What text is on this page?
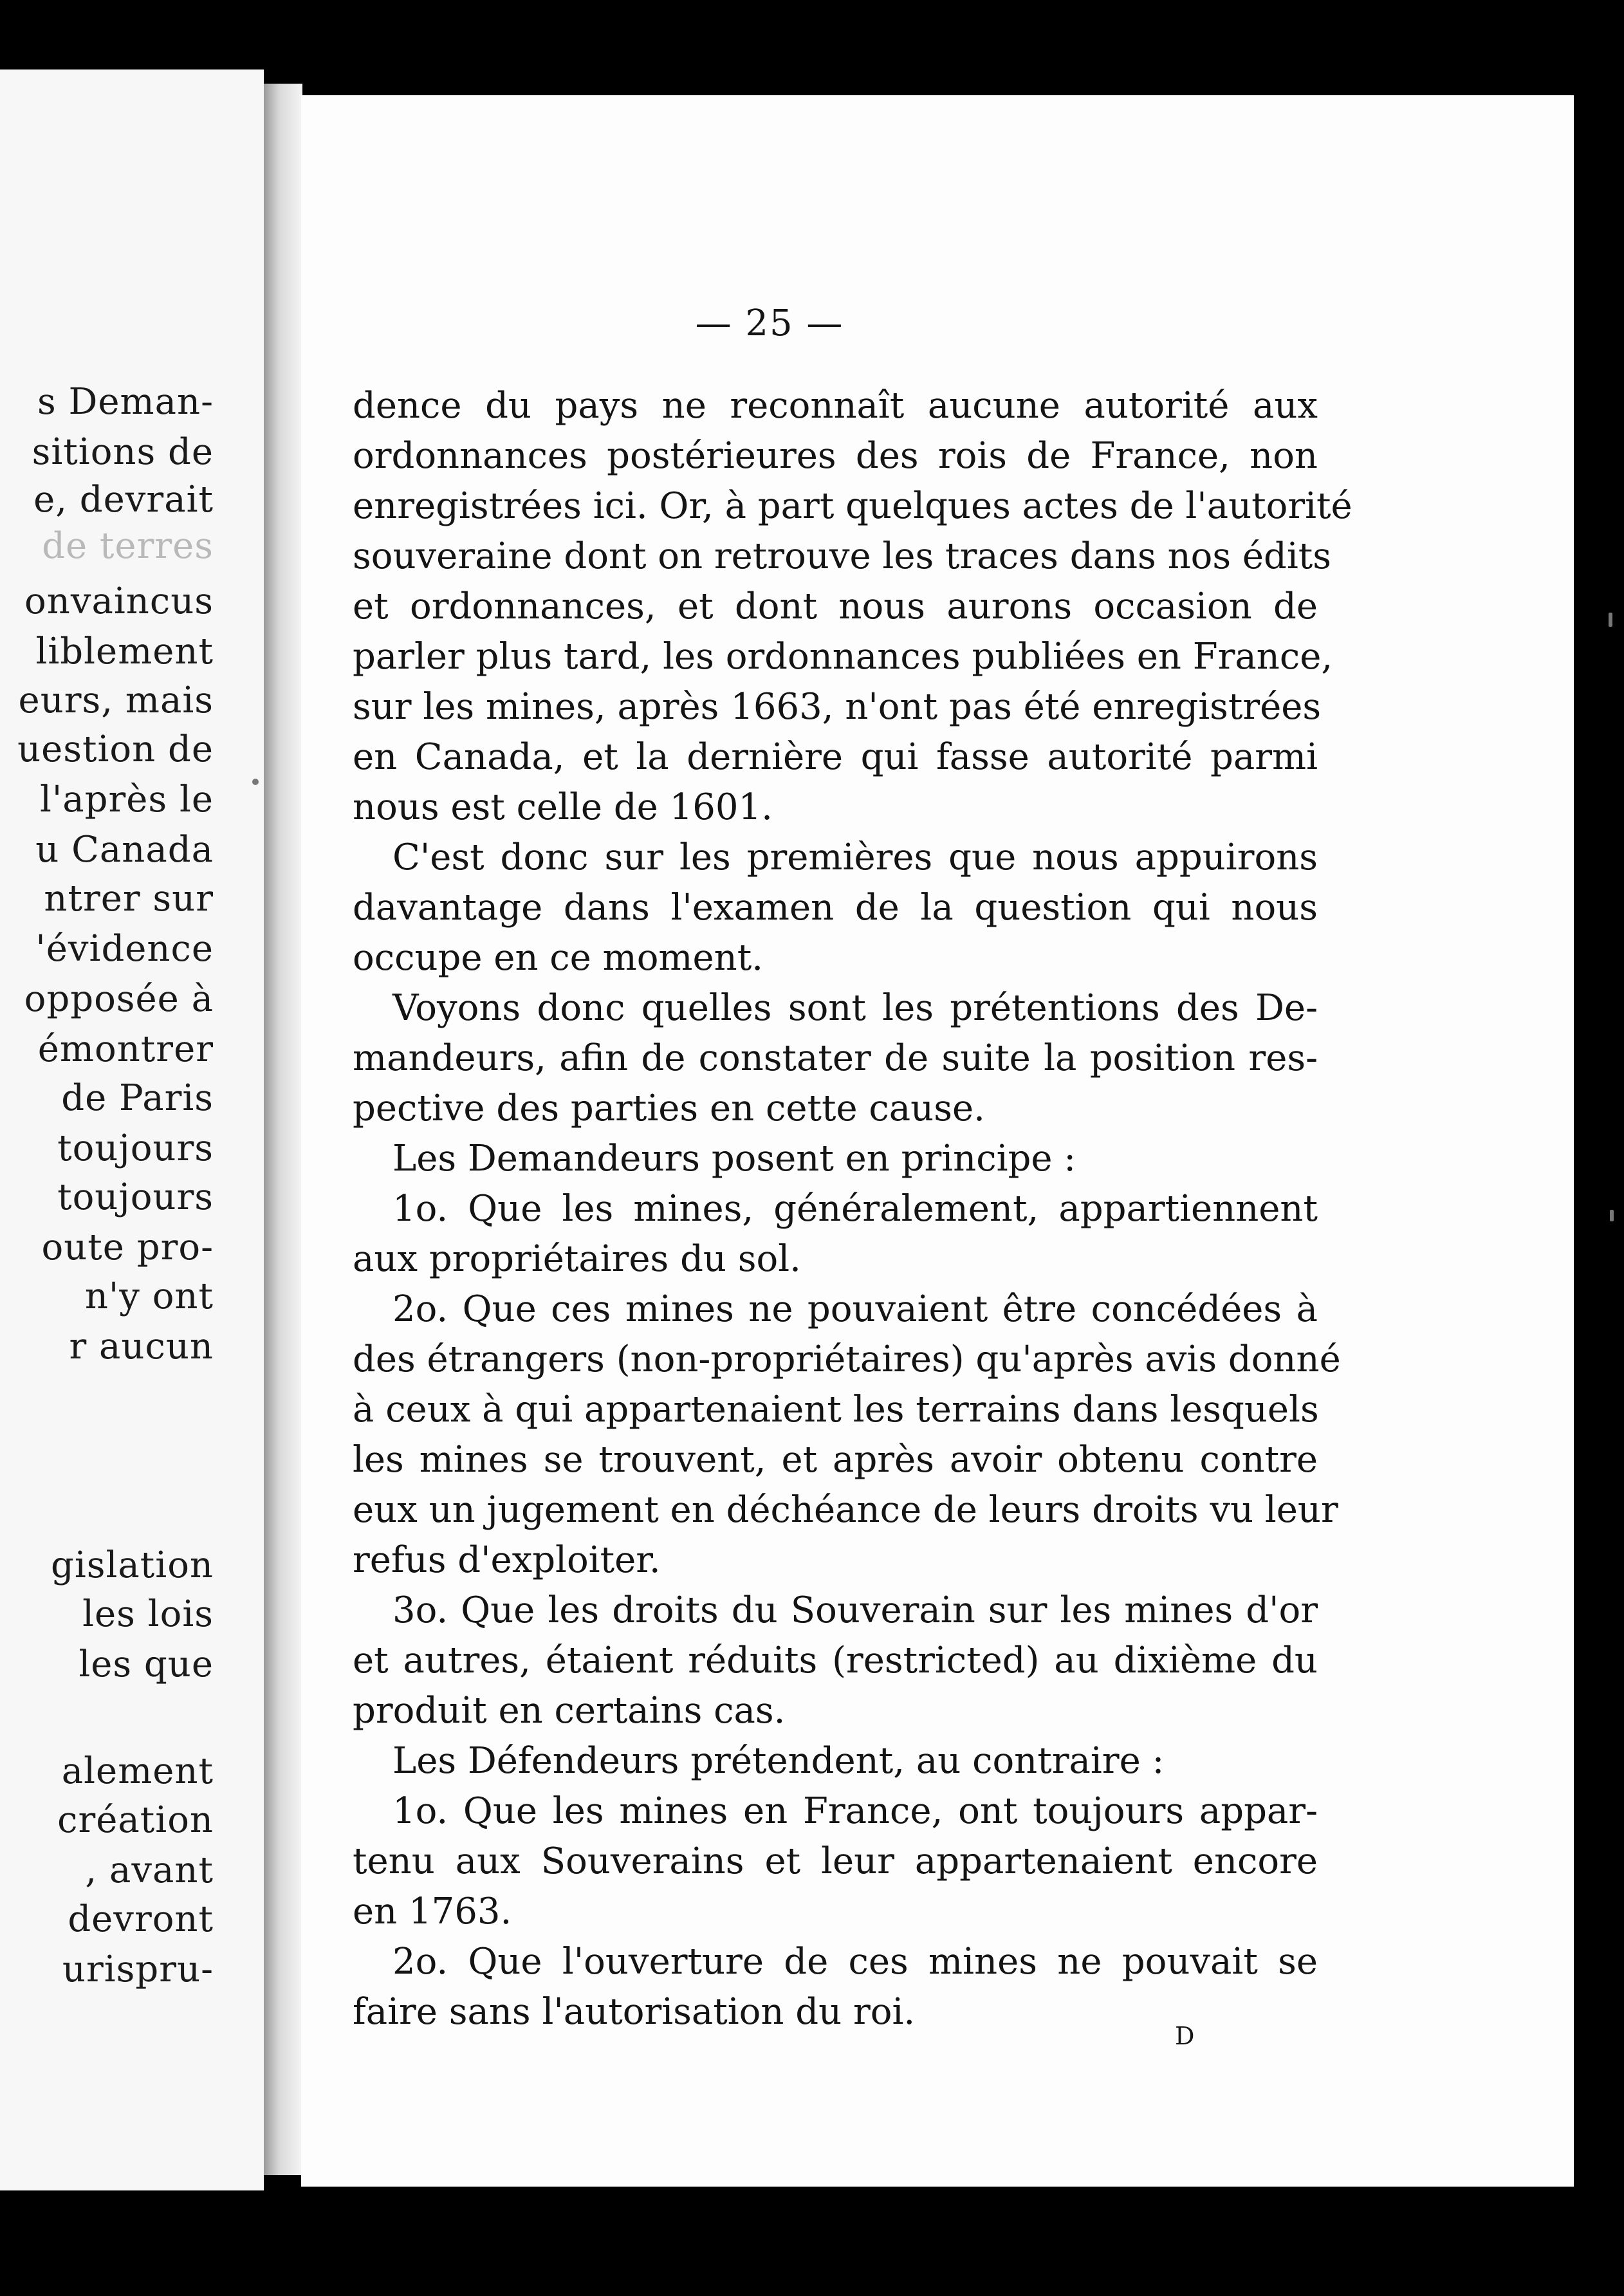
s Deman-
sitions de
e, devrait
de terres
onvaincus
liblement
eurs, mais
uestion de
l'après le
u Canada
ntrer sur
'évidence
opposée à
émontrer
de Paris
toujours
toujours
oute pro-
n'y ont
r aucun
gislation
les lois
les que
alement
création
, avant
devront
urispru-
— 25 —
dence du pays ne reconnaît aucune autorité aux
ordonnances postérieures des rois de France, non
enregistrées ici. Or, à part quelques actes de l'autorité
souveraine dont on retrouve les traces dans nos édits
et ordonnances, et dont nous aurons occasion de
parler plus tard, les ordonnances publiées en France,
sur les mines, après 1663, n'ont pas été enregistrées
en Canada, et la dernière qui fasse autorité parmi
nous est celle de 1601.
C'est donc sur les premières que nous appuirons
davantage dans l'examen de la question qui nous
occupe en ce moment.
Voyons donc quelles sont les prétentions des De-
mandeurs, afin de constater de suite la position res-
pective des parties en cette cause.
Les Demandeurs posent en principe :
1o. Que les mines, généralement, appartiennent
aux propriétaires du sol.
2o. Que ces mines ne pouvaient être concédées à
des étrangers (non-propriétaires) qu'après avis donné
à ceux à qui appartenaient les terrains dans lesquels
les mines se trouvent, et après avoir obtenu contre
eux un jugement en déchéance de leurs droits vu leur
refus d'exploiter.
3o. Que les droits du Souverain sur les mines d'or
et autres, étaient réduits (restricted) au dixième du
produit en certains cas.
Les Défendeurs prétendent, au contraire :
1o. Que les mines en France, ont toujours appar-
tenu aux Souverains et leur appartenaient encore
en 1763.
2o. Que l'ouverture de ces mines ne pouvait se
faire sans l'autorisation du roi.
D
